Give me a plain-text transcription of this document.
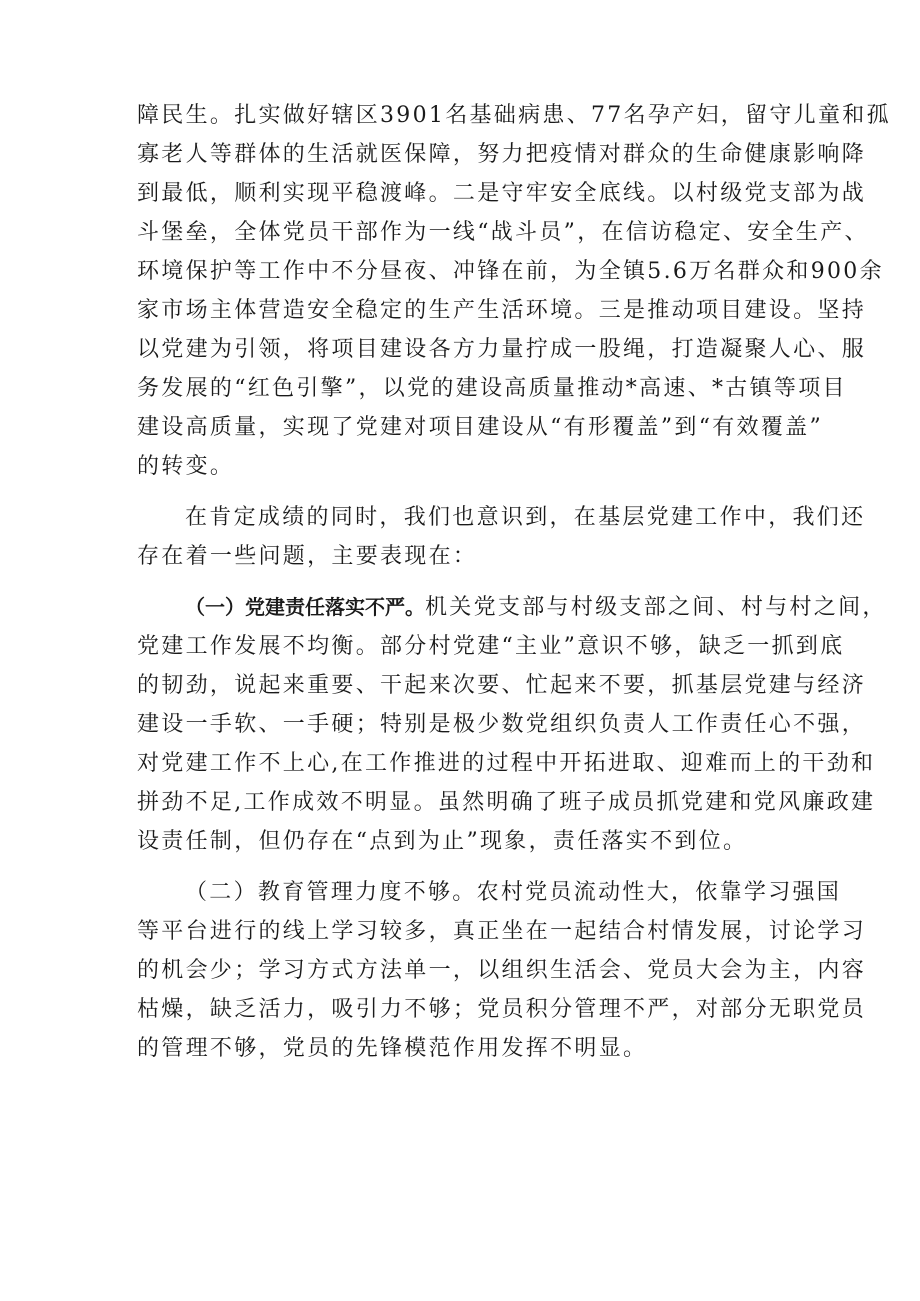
障民生。扎实做好辖区3901名基础病患、77名孕产妇，留守儿童和孤
寡老人等群体的生活就医保障，努力把疫情对群众的生命健康影响降
到最低，顺利实现平稳渡峰。二是守牢安全底线。以村级党支部为战
斗堡垒，全体党员干部作为一线“战斗员”，在信访稳定、安全生产、
环境保护等工作中不分昼夜、冲锋在前，为全镇5.6万名群众和900余
家市场主体营造安全稳定的生产生活环境。三是推动项目建设。坚持
以党建为引领，将项目建设各方力量拧成一股绳，打造凝聚人心、服
务发展的“红色引擎”，以党的建设高质量推动*高速、*古镇等项目
建设高质量，实现了党建对项目建设从“有形覆盖”到“有效覆盖”
的转变。
在肯定成绩的同时，我们也意识到，在基层党建工作中，我们还
存在着一些问题，主要表现在：
（一）党建责任落实不严。机关党支部与村级支部之间、村与村之间，
党建工作发展不均衡。部分村党建“主业”意识不够，缺乏一抓到底
的韧劲，说起来重要、干起来次要、忙起来不要，抓基层党建与经济
建设一手软、一手硬；特别是极少数党组织负责人工作责任心不强，
对党建工作不上心,在工作推进的过程中开拓进取、迎难而上的干劲和
拼劲不足,工作成效不明显。虽然明确了班子成员抓党建和党风廉政建
设责任制，但仍存在“点到为止”现象，责任落实不到位。
（二）教育管理力度不够。农村党员流动性大，依靠学习强国
等平台进行的线上学习较多，真正坐在一起结合村情发展，讨论学习
的机会少；学习方式方法单一，以组织生活会、党员大会为主，内容
枯燥，缺乏活力，吸引力不够；党员积分管理不严，对部分无职党员
的管理不够，党员的先锋模范作用发挥不明显。
